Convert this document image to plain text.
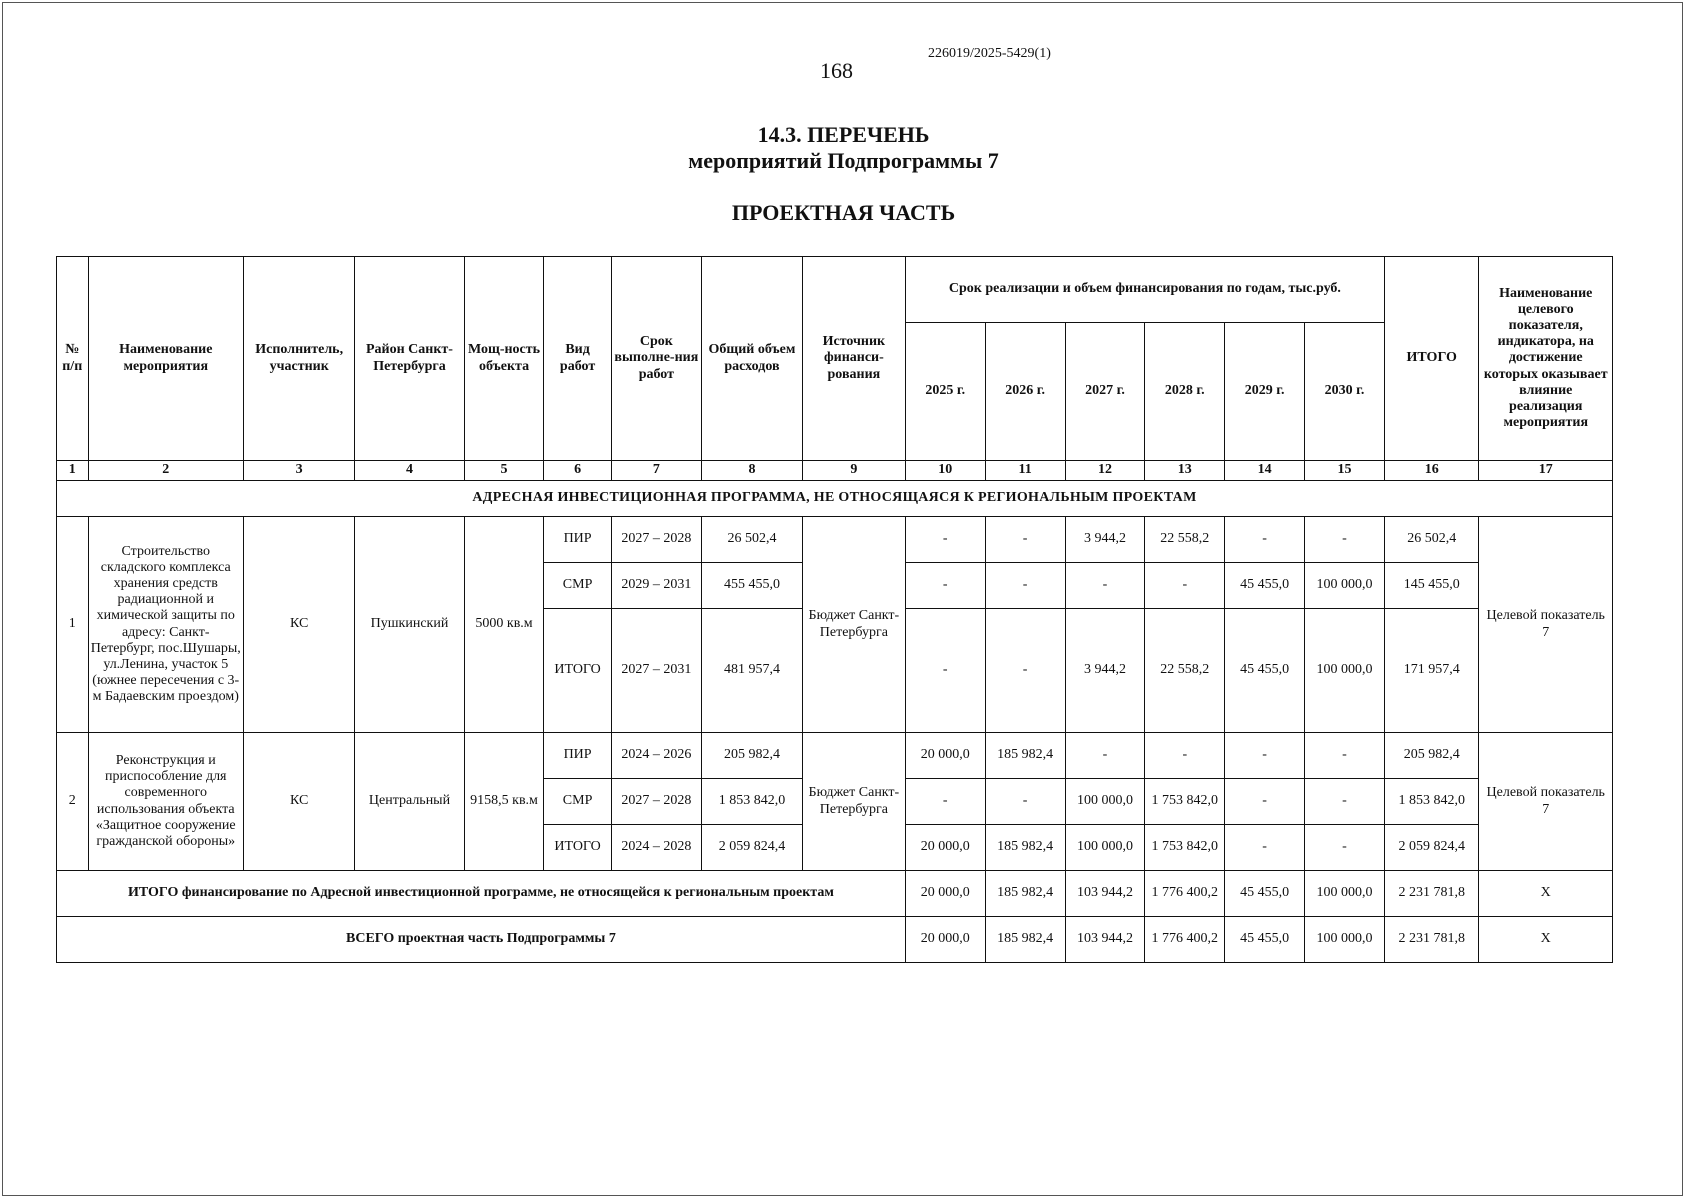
168
226019/2025-5429(1)
14.3. ПЕРЕЧЕНЬ
мероприятий Подпрограммы 7
ПРОЕКТНАЯ ЧАСТЬ
№ п/п	Наименование мероприятия	Исполнитель, участник	Район Санкт-Петербурга	Мощ-ность объекта	Вид работ	Срок выполне-ния работ	Общий объем расходов	Источник финанси-рования	Срок реализации и объем финансирования по годам, тыс.руб.						ИТОГО	Наименование целевого показателя, индикатора, на достижение которых оказывает влияние реализация мероприятия
									2025 г.	2026 г.	2027 г.	2028 г.	2029 г.	2030 г.		
1	2	3	4	5	6	7	8	9	10	11	12	13	14	15	16	17
АДРЕСНАЯ ИНВЕСТИЦИОННАЯ ПРОГРАММА, НЕ ОТНОСЯЩАЯСЯ К РЕГИОНАЛЬНЫМ ПРОЕКТАМ																
1	Строительство складского комплекса хранения средств радиационной и химической защиты по адресу: Санкт-Петербург, пос.Шушары, ул.Ленина, участок 5 (южнее пересечения с 3-м Бадаевским проездом)	КС	Пушкинский	5000 кв.м	ПИР	2027 – 2028	26 502,4	Бюджет Санкт-Петербурга	-	-	3 944,2	22 558,2	-	-	26 502,4	Целевой показатель 7
					СМР	2029 – 2031	455 455,0		-	-	-	-	45 455,0	100 000,0	145 455,0	
					ИТОГО	2027 – 2031	481 957,4		-	-	3 944,2	22 558,2	45 455,0	100 000,0	171 957,4	
2	Реконструкция и приспособление для современного использования объекта «Защитное сооружение гражданской обороны»	КС	Центральный	9158,5 кв.м	ПИР	2024 – 2026	205 982,4	Бюджет Санкт-Петербурга	20 000,0	185 982,4	-	-	-	-	205 982,4	Целевой показатель 7
					СМР	2027 – 2028	1 853 842,0		-	-	100 000,0	1 753 842,0	-	-	1 853 842,0	
					ИТОГО	2024 – 2028	2 059 824,4		20 000,0	185 982,4	100 000,0	1 753 842,0	-	-	2 059 824,4	
ИТОГО финансирование по Адресной инвестиционной программе, не относящейся к региональным проектам									20 000,0	185 982,4	103 944,2	1 776 400,2	45 455,0	100 000,0	2 231 781,8	Х
ВСЕГО проектная часть Подпрограммы 7									20 000,0	185 982,4	103 944,2	1 776 400,2	45 455,0	100 000,0	2 231 781,8	Х
